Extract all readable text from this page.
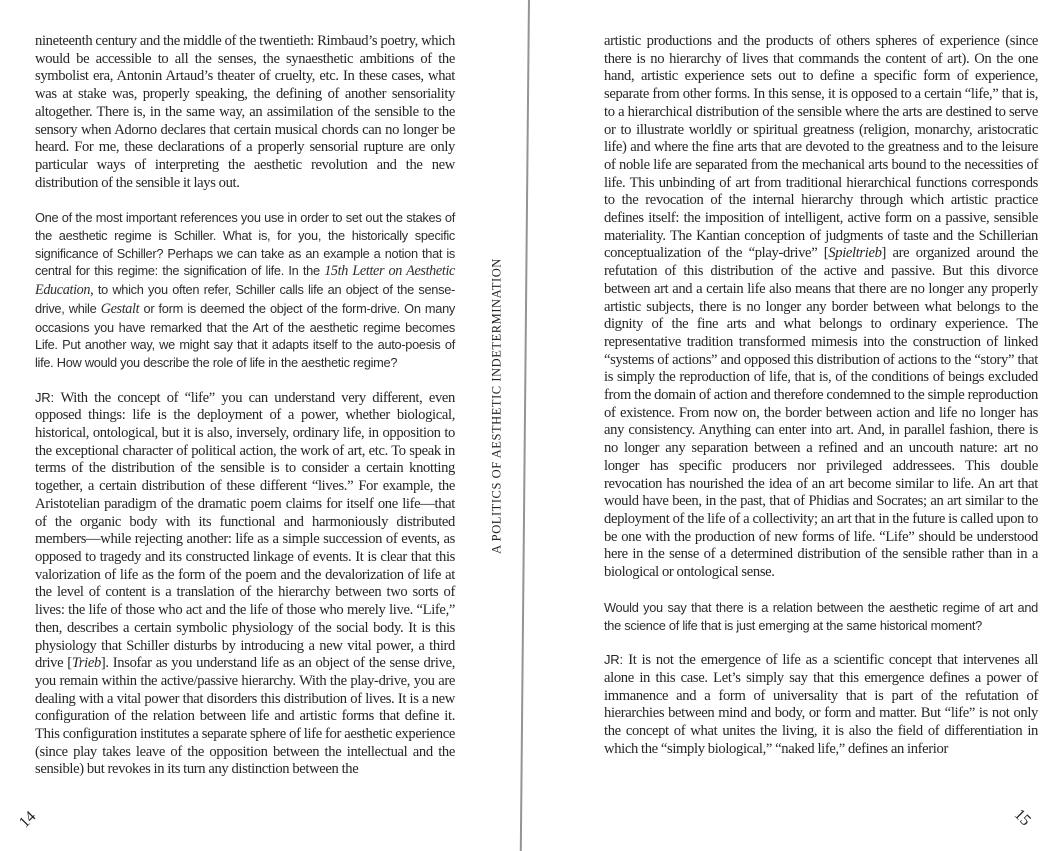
nineteenth century and the middle of the twentieth: Rimbaud’s poetry, which would be accessible to all the senses, the synaesthetic ambitions of the symbolist era, Antonin Artaud’s theater of cruelty, etc. In these cases, what was at stake was, properly speaking, the defining of another sensoriality altogether. There is, in the same way, an assimilation of the sensible to the sensory when Adorno declares that certain musical chords can no longer be heard. For me, these declarations of a properly sensorial rupture are only particular ways of interpreting the aesthetic revolution and the new distribution of the sensible it lays out.

One of the most important references you use in order to set out the stakes of the aesthetic regime is Schiller. What is, for you, the historically specific significance of Schiller? Perhaps we can take as an example a notion that is central for this regime: the signification of life. In the 15th Letter on Aesthetic Education, to which you often refer, Schiller calls life an object of the sense-drive, while Gestalt or form is deemed the object of the form-drive. On many occasions you have remarked that the Art of the aesthetic regime becomes Life. Put another way, we might say that it adapts itself to the auto-poesis of life. How would you describe the role of life in the aesthetic regime?

JR: With the concept of “life” you can understand very different, even opposed things: life is the deployment of a power, whether biological, historical, ontological, but it is also, inversely, ordinary life, in opposition to the exceptional character of political action, the work of art, etc. To speak in terms of the distribution of the sensible is to consider a certain knotting together, a certain distribution of these different “lives.” For example, the Aristotelian paradigm of the dramatic poem claims for itself one life—that of the organic body with its functional and harmoniously distributed members—while rejecting another: life as a simple succession of events, as opposed to tragedy and its constructed linkage of events. It is clear that this valorization of life as the form of the poem and the devalorization of life at the level of content is a translation of the hierarchy between two sorts of lives: the life of those who act and the life of those who merely live. “Life,” then, describes a certain symbolic physiology of the social body. It is this physiology that Schiller disturbs by introducing a new vital power, a third drive [Trieb]. Insofar as you understand life as an object of the sense drive, you remain within the active/passive hierarchy. With the play-drive, you are dealing with a vital power that disorders this distribution of lives. It is a new configuration of the relation between life and artistic forms that define it. This configuration institutes a separate sphere of life for aesthetic experience (since play takes leave of the opposition between the intellectual and the sensible) but revokes in its turn any distinction between the

A POLITICS OF AESTHETIC INDETERMINATION

artistic productions and the products of others spheres of experience (since there is no hierarchy of lives that commands the content of art). On the one hand, artistic experience sets out to define a specific form of experience, separate from other forms. In this sense, it is opposed to a certain “life,” that is, to a hierarchical distribution of the sensible where the arts are destined to serve or to illustrate worldly or spiritual greatness (religion, monarchy, aristocratic life) and where the fine arts that are devoted to the greatness and to the leisure of noble life are separated from the mechanical arts bound to the necessities of life. This unbinding of art from traditional hierarchical functions corresponds to the revocation of the internal hierarchy through which artistic practice defines itself: the imposition of intelligent, active form on a passive, sensible materiality. The Kantian conception of judgments of taste and the Schillerian conceptualization of the “play-drive” [Spieltrieb] are organized around the refutation of this distribution of the active and passive. But this divorce between art and a certain life also means that there are no longer any properly artistic subjects, there is no longer any border between what belongs to the dignity of the fine arts and what belongs to ordinary experience. The representative tradition transformed mimesis into the construction of linked “systems of actions” and opposed this distribution of actions to the “story” that is simply the reproduction of life, that is, of the conditions of beings excluded from the domain of action and therefore condemned to the simple reproduction of existence. From now on, the border between action and life no longer has any consistency. Anything can enter into art. And, in parallel fashion, there is no longer any separation between a refined and an uncouth nature: art no longer has specific producers nor privileged addressees. This double revocation has nourished the idea of an art become similar to life. An art that would have been, in the past, that of Phidias and Socrates; an art similar to the deployment of the life of a collectivity; an art that in the future is called upon to be one with the production of new forms of life. “Life” should be understood here in the sense of a determined distribution of the sensible rather than in a biological or ontological sense.

Would you say that there is a relation between the aesthetic regime of art and the science of life that is just emerging at the same historical moment?

JR: It is not the emergence of life as a scientific concept that intervenes all alone in this case. Let’s simply say that this emergence defines a power of immanence and a form of universality that is part of the refutation of hierarchies between mind and body, or form and matter. But “life” is not only the concept of what unites the living, it is also the field of differentiation in which the “simply biological,” “naked life,” defines an inferior

14	15
